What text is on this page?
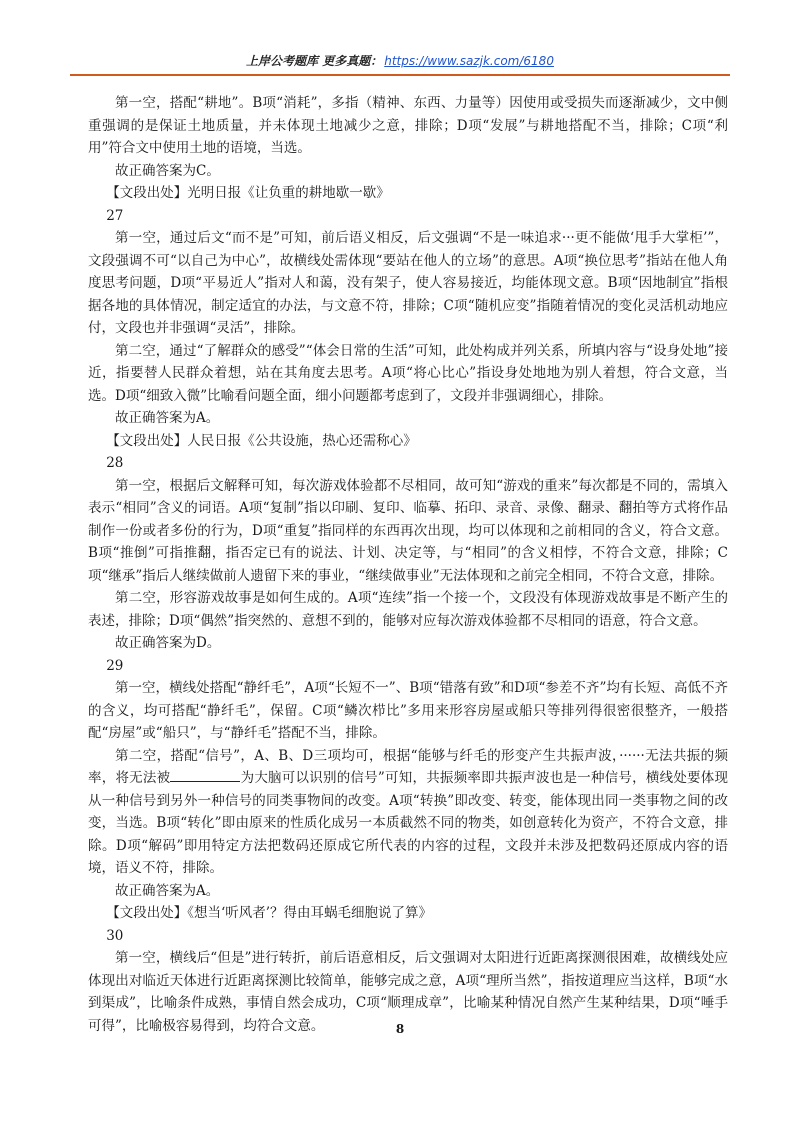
上岸公考题库 更多真题： https://www.sazjk.com/6180

第一空，搭配“耕地”。B项“消耗”，多指（精神、东西、力量等）因使用或受损失而逐渐减少，文中侧重强调的是保证土地质量，并未体现土地减少之意，排除；D项“发展”与耕地搭配不当，排除；C项“利用”符合文中使用土地的语境，当选。

故正确答案为C。

【文段出处】光明日报《让负重的耕地歇一歇》

27

第一空，通过后文“而不是”可知，前后语义相反，后文强调“不是一味追求···更不能做‘甩手大掌柜’”，文段强调不可“以自己为中心”，故横线处需体现“要站在他人的立场”的意思。A项“换位思考”指站在他人角度思考问题，D项“平易近人”指对人和蔼，没有架子，使人容易接近，均能体现文意。B项“因地制宜”指根据各地的具体情况，制定适宜的办法，与文意不符，排除；C项“随机应变”指随着情况的变化灵活机动地应付，文段也并非强调“灵活”，排除。

第二空，通过“了解群众的感受”“体会日常的生活”可知，此处构成并列关系，所填内容与“设身处地”接近，指要替人民群众着想，站在其角度去思考。A项“将心比心”指设身处地地为别人着想，符合文意，当选。D项“细致入微”比喻看问题全面，细小问题都考虑到了，文段并非强调细心，排除。

故正确答案为A。

【文段出处】人民日报《公共设施，热心还需称心》

28

第一空，根据后文解释可知，每次游戏体验都不尽相同，故可知“游戏的重来”每次都是不同的，需填入表示“相同”含义的词语。A项“复制”指以印刷、复印、临摹、拓印、录音、录像、翻录、翻拍等方式将作品制作一份或者多份的行为，D项“重复”指同样的东西再次出现，均可以体现和之前相同的含义，符合文意。B项“推倒”可指推翻，指否定已有的说法、计划、决定等，与“相同”的含义相悖，不符合文意，排除；C项“继承”指后人继续做前人遗留下来的事业，“继续做事业”无法体现和之前完全相同，不符合文意，排除。

第二空，形容游戏故事是如何生成的。A项“连续”指一个接一个，文段没有体现游戏故事是不断产生的表述，排除；D项“偶然”指突然的、意想不到的，能够对应每次游戏体验都不尽相同的语意，符合文意。

故正确答案为D。

29

第一空，横线处搭配“静纤毛”，A项“长短不一”、B项“错落有致”和D项“参差不齐”均有长短、高低不齐的含义，均可搭配“静纤毛”，保留。C项“鳞次栉比”多用来形容房屋或船只等排列得很密很整齐，一般搭配“房屋”或“船只”，与“静纤毛”搭配不当，排除。

第二空，搭配“信号”，A、B、D三项均可，根据“能够与纤毛的形变产生共振声波，······无法共振的频率，将无法被	为大脑可以识别的信号”可知，共振频率即共振声波也是一种信号，横线处要体现从一种信号到另外一种信号的同类事物间的改变。A项“转换”即改变、转变，能体现出同一类事物之间的改变，当选。B项“转化”即由原来的性质化成另一本质截然不同的物类，如创意转化为资产，不符合文意，排除。D项“解码”即用特定方法把数码还原成它所代表的内容的过程，文段并未涉及把数码还原成内容的语境，语义不符，排除。

故正确答案为A。

【文段出处】《想当‘听风者’？得由耳蜗毛细胞说了算》

30

第一空，横线后“但是”进行转折，前后语意相反，后文强调对太阳进行近距离探测很困难，故横线处应体现出对临近天体进行近距离探测比较简单，能够完成之意，A项“理所当然”，指按道理应当这样，B项“水到渠成”，比喻条件成熟，事情自然会成功，C项“顺理成章”，比喻某种情况自然产生某种结果，D项“唾手可得”，比喻极容易得到，均符合文意。	8
